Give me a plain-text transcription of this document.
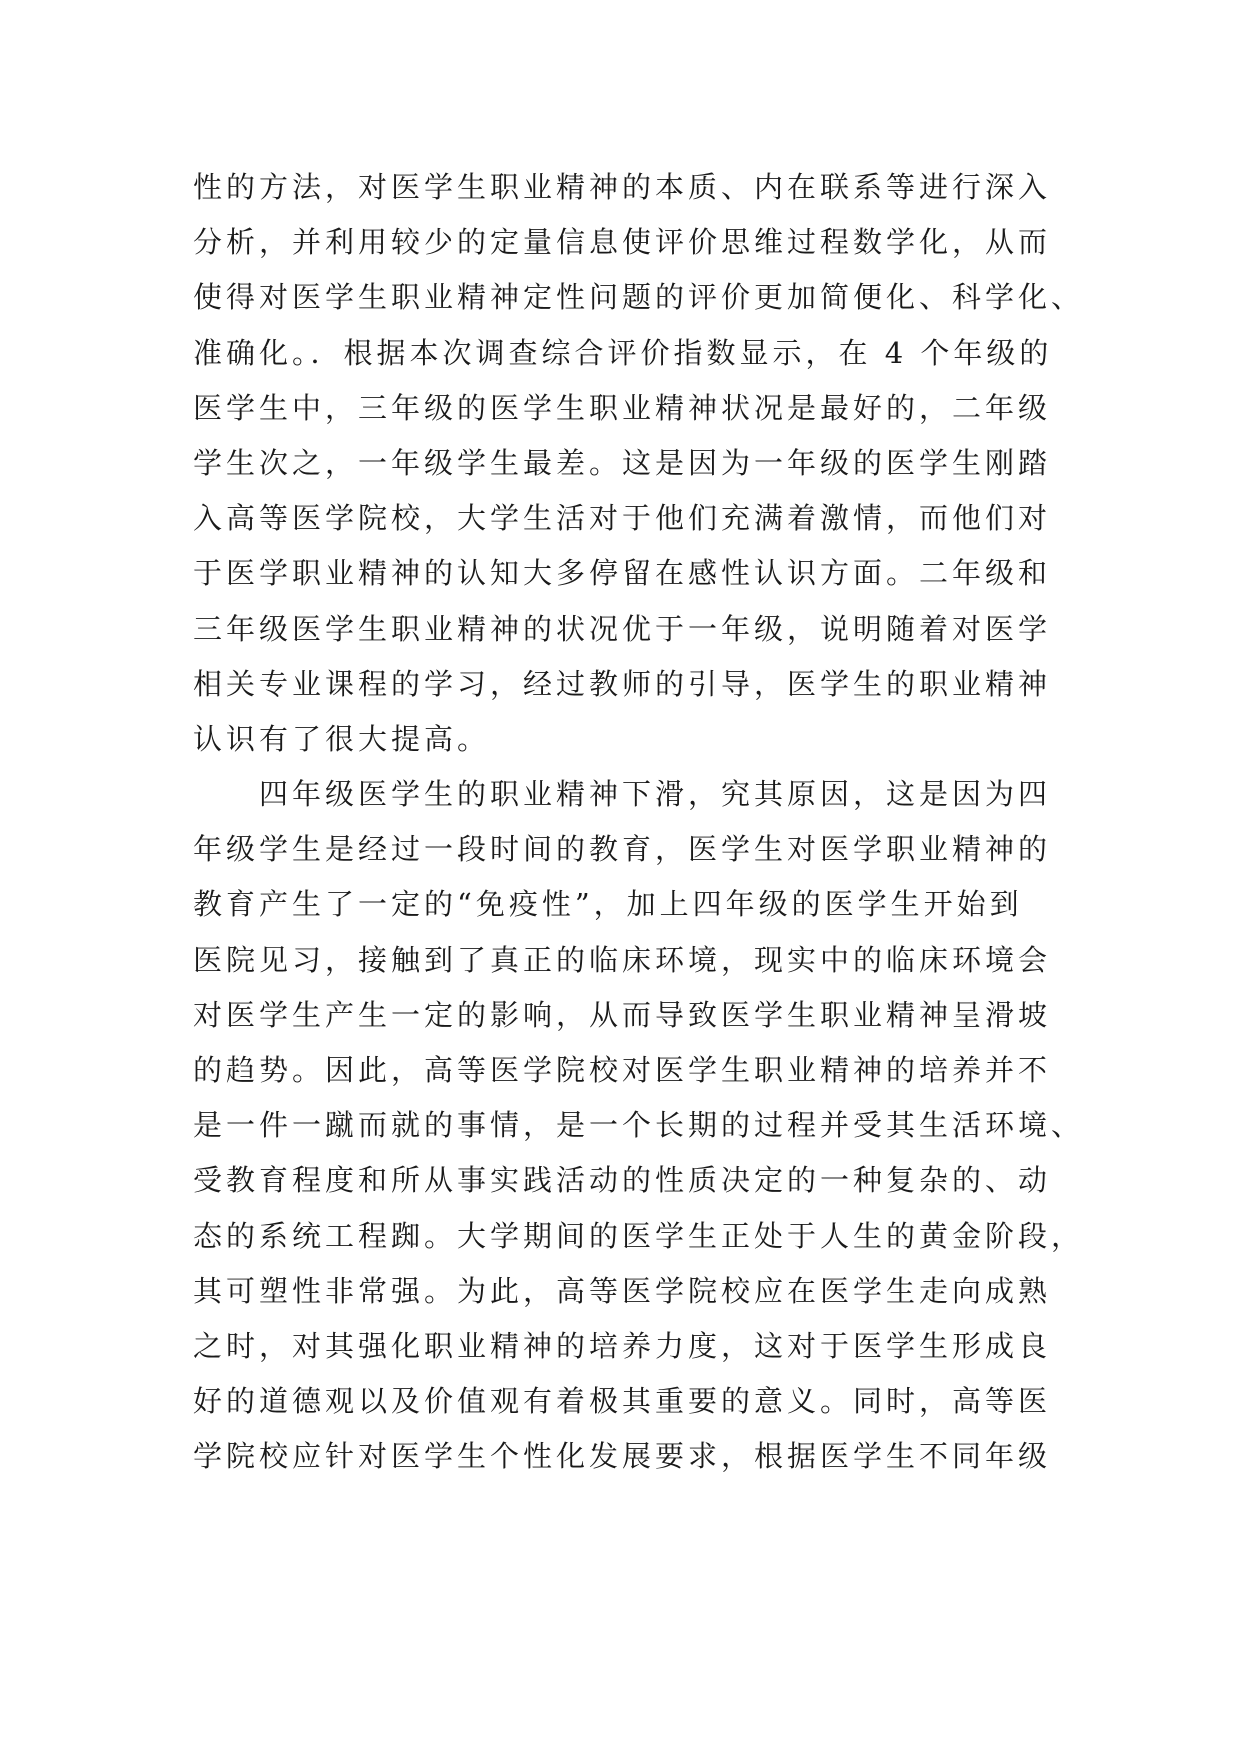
性的方法，对医学生职业精神的本质、内在联系等进行深入
分析，并利用较少的定量信息使评价思维过程数学化，从而
使得对医学生职业精神定性问题的评价更加简便化、科学化、
准确化。．根据本次调查综合评价指数显示，在 4 个年级的
医学生中，三年级的医学生职业精神状况是最好的，二年级
学生次之，一年级学生最差。这是因为一年级的医学生刚踏
入高等医学院校，大学生活对于他们充满着激情，而他们对
于医学职业精神的认知大多停留在感性认识方面。二年级和
三年级医学生职业精神的状况优于一年级，说明随着对医学
相关专业课程的学习，经过教师的引导，医学生的职业精神
认识有了很大提高。
四年级医学生的职业精神下滑，究其原因，这是因为四
年级学生是经过一段时间的教育，医学生对医学职业精神的
教育产生了一定的“免疫性”，加上四年级的医学生开始到
医院见习，接触到了真正的临床环境，现实中的临床环境会
对医学生产生一定的影响，从而导致医学生职业精神呈滑坡
的趋势。因此，高等医学院校对医学生职业精神的培养并不
是一件一蹴而就的事情，是一个长期的过程并受其生活环境、
受教育程度和所从事实践活动的性质决定的一种复杂的、动
态的系统工程踟。大学期间的医学生正处于人生的黄金阶段，
其可塑性非常强。为此，高等医学院校应在医学生走向成熟
之时，对其强化职业精神的培养力度，这对于医学生形成良
好的道德观以及价值观有着极其重要的意义。同时，高等医
学院校应针对医学生个性化发展要求，根据医学生不同年级
